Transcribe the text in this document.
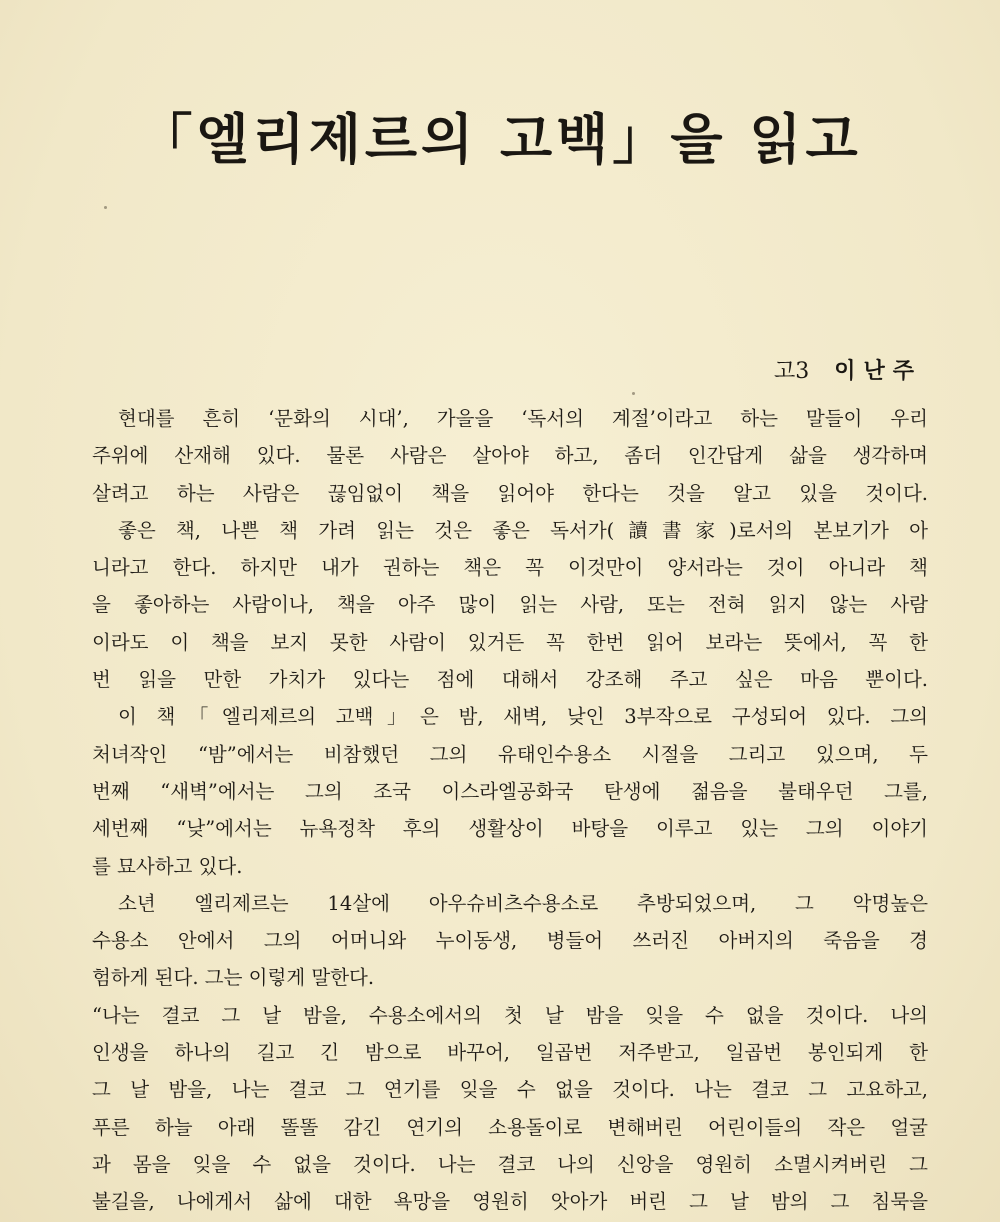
「엘리제르의 고백」을 읽고
고3 이난주
현대를 흔히 ‘문화의 시대’, 가을을 ‘독서의 계절’이라고 하는 말들이 우리
주위에 산재해 있다. 물론 사람은 살아야 하고, 좀더 인간답게 삶을 생각하며
살려고 하는 사람은 끊임없이 책을 읽어야 한다는 것을 알고 있을 것이다.
좋은 책, 나쁜 책 가려 읽는 것은 좋은 독서가(讀書家)로서의 본보기가 아
니라고 한다. 하지만 내가 권하는 책은 꼭 이것만이 양서라는 것이 아니라 책
을 좋아하는 사람이나, 책을 아주 많이 읽는 사람, 또는 전혀 읽지 않는 사람
이라도 이 책을 보지 못한 사람이 있거든 꼭 한번 읽어 보라는 뜻에서, 꼭 한
번 읽을 만한 가치가 있다는 점에 대해서 강조해 주고 싶은 마음 뿐이다.
이 책「엘리제르의 고백」은 밤, 새벽, 낮인 3부작으로 구성되어 있다. 그의
처녀작인 “밤”에서는 비참했던 그의 유태인수용소 시절을 그리고 있으며, 두
번째 “새벽”에서는 그의 조국 이스라엘공화국 탄생에 젊음을 불태우던 그를,
세번째 “낮”에서는 뉴욕정착 후의 생활상이 바탕을 이루고 있는 그의 이야기
를 묘사하고 있다.
소년 엘리제르는 14살에 아우슈비츠수용소로 추방되었으며, 그 악명높은
수용소 안에서 그의 어머니와 누이동생, 병들어 쓰러진 아버지의 죽음을 경
험하게 된다. 그는 이렇게 말한다.
“나는 결코 그 날 밤을, 수용소에서의 첫 날 밤을 잊을 수 없을 것이다. 나의
인생을 하나의 길고 긴 밤으로 바꾸어, 일곱번 저주받고, 일곱번 봉인되게 한
그 날 밤을, 나는 결코 그 연기를 잊을 수 없을 것이다. 나는 결코 그 고요하고,
푸른 하늘 아래 똘똘 감긴 연기의 소용돌이로 변해버린 어린이들의 작은 얼굴
과 몸을 잊을 수 없을 것이다. 나는 결코 나의 신앙을 영원히 소멸시켜버린 그
불길을, 나에게서 삶에 대한 욕망을 영원히 앗아가 버린 그 날 밤의 그 침묵을
